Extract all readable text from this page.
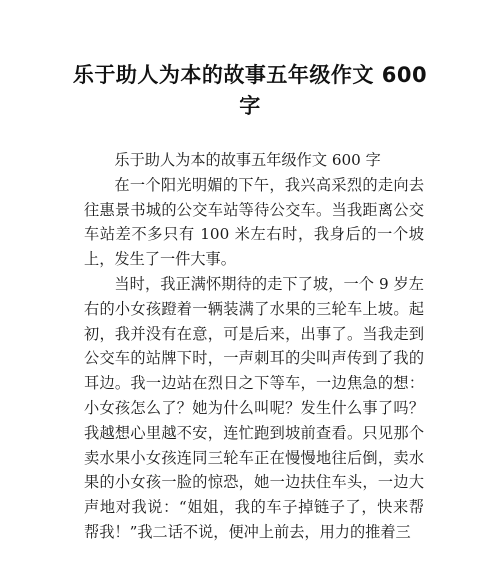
乐于助人为本的故事五年级作文 600 字

乐于助人为本的故事五年级作文 600 字

在一个阳光明媚的下午，我兴高采烈的走向去往惠景书城的公交车站等待公交车。当我距离公交车站差不多只有 100 米左右时，我身后的一个坡上，发生了一件大事。

当时，我正满怀期待的走下了坡，一个 9 岁左右的小女孩蹬着一辆装满了水果的三轮车上坡。起初，我并没有在意，可是后来，出事了。当我走到公交车的站牌下时，一声刺耳的尖叫声传到了我的耳边。我一边站在烈日之下等车，一边焦急的想：小女孩怎么了？她为什么叫呢？发生什么事了吗？我越想心里越不安，连忙跑到坡前查看。只见那个卖水果小女孩连同三轮车正在慢慢地往后倒，卖水果的小女孩一脸的惊恐，她一边扶住车头，一边大声地对我说：“姐姐，我的车子掉链子了，快来帮帮我！”我二话不说，便冲上前去，用力的推着三
